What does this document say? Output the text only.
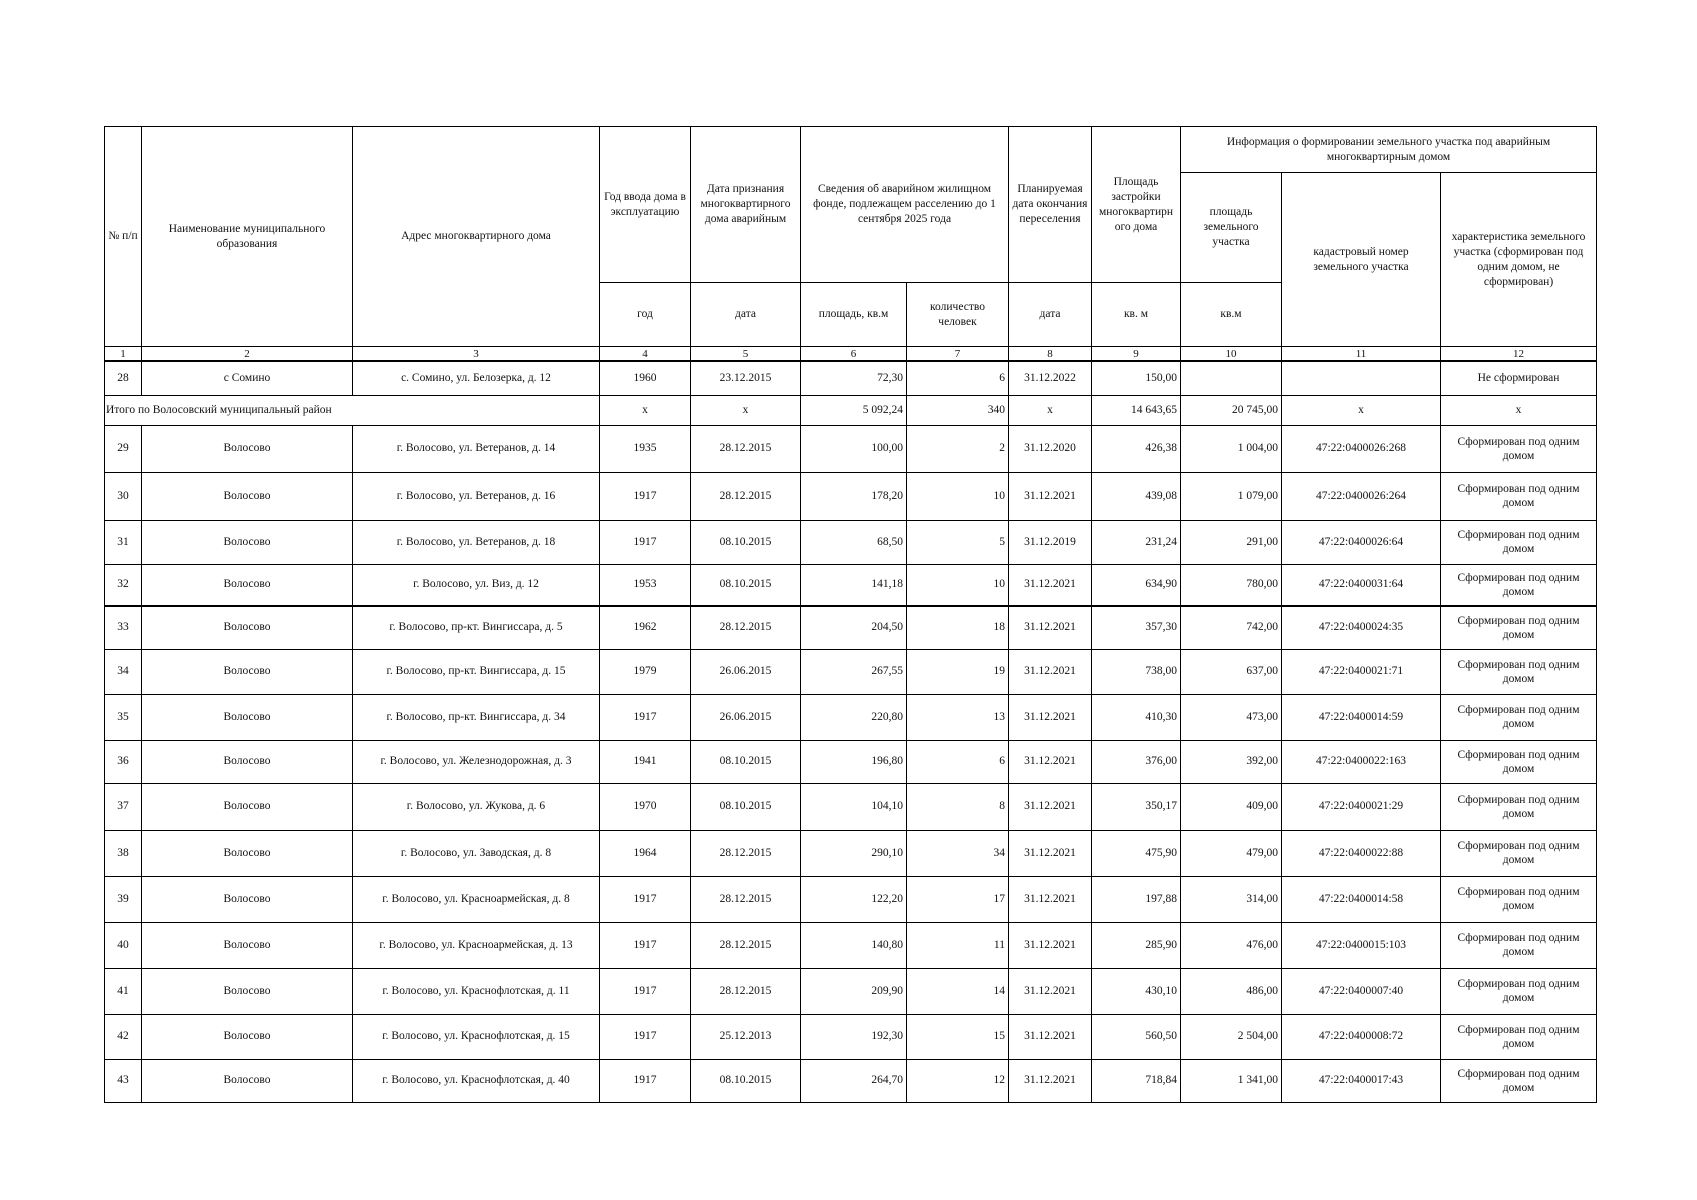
№ п/п	Наименование муниципального образования	Адрес многоквартирного дома	Год ввода дома в эксплуатацию	Дата признания многоквартирного дома аварийным	Сведения об аварийном жилищном фонде, подлежащем расселению до 1 сентября 2025 года		Планируемая дата окончания переселения	Площадь застройки многоквартирн ого дома	Информация о формировании земельного участка под аварийным многоквартирным домом		
									площадь земельного участка	кадастровый номер земельного участка	характеристика земельного участка (сформирован под одним домом, не сформирован)
			год	дата	площадь, кв.м	количество человек	дата	кв. м	кв.м		
1	2	3	4	5	6	7	8	9	10	11	12
28	с Сомино	с. Сомино, ул. Белозерка, д. 12	1960	23.12.2015	72,30	6	31.12.2022	150,00			Не сформирован
Итого по Волосовский муниципальный район			х	х	5 092,24	340	х	14 643,65	20 745,00	х	х
29	Волосово	г. Волосово, ул. Ветеранов, д. 14	1935	28.12.2015	100,00	2	31.12.2020	426,38	1 004,00	47:22:0400026:268	Сформирован под одним домом
30	Волосово	г. Волосово, ул. Ветеранов, д. 16	1917	28.12.2015	178,20	10	31.12.2021	439,08	1 079,00	47:22:0400026:264	Сформирован под одним домом
31	Волосово	г. Волосово, ул. Ветеранов, д. 18	1917	08.10.2015	68,50	5	31.12.2019	231,24	291,00	47:22:0400026:64	Сформирован под одним домом
32	Волосово	г. Волосово, ул. Виз, д. 12	1953	08.10.2015	141,18	10	31.12.2021	634,90	780,00	47:22:0400031:64	Сформирован под одним домом
33	Волосово	г. Волосово, пр-кт. Вингиссара, д. 5	1962	28.12.2015	204,50	18	31.12.2021	357,30	742,00	47:22:0400024:35	Сформирован под одним домом
34	Волосово	г. Волосово, пр-кт. Вингиссара, д. 15	1979	26.06.2015	267,55	19	31.12.2021	738,00	637,00	47:22:0400021:71	Сформирован под одним домом
35	Волосово	г. Волосово, пр-кт. Вингиссара, д. 34	1917	26.06.2015	220,80	13	31.12.2021	410,30	473,00	47:22:0400014:59	Сформирован под одним домом
36	Волосово	г. Волосово, ул. Железнодорожная, д. 3	1941	08.10.2015	196,80	6	31.12.2021	376,00	392,00	47:22:0400022:163	Сформирован под одним домом
37	Волосово	г. Волосово, ул. Жукова, д. 6	1970	08.10.2015	104,10	8	31.12.2021	350,17	409,00	47:22:0400021:29	Сформирован под одним домом
38	Волосово	г. Волосово, ул. Заводская, д. 8	1964	28.12.2015	290,10	34	31.12.2021	475,90	479,00	47:22:0400022:88	Сформирован под одним домом
39	Волосово	г. Волосово, ул. Красноармейская, д. 8	1917	28.12.2015	122,20	17	31.12.2021	197,88	314,00	47:22:0400014:58	Сформирован под одним домом
40	Волосово	г. Волосово, ул. Красноармейская, д. 13	1917	28.12.2015	140,80	11	31.12.2021	285,90	476,00	47:22:0400015:103	Сформирован под одним домом
41	Волосово	г. Волосово, ул. Краснофлотская, д. 11	1917	28.12.2015	209,90	14	31.12.2021	430,10	486,00	47:22:0400007:40	Сформирован под одним домом
42	Волосово	г. Волосово, ул. Краснофлотская, д. 15	1917	25.12.2013	192,30	15	31.12.2021	560,50	2 504,00	47:22:0400008:72	Сформирован под одним домом
43	Волосово	г. Волосово, ул. Краснофлотская, д. 40	1917	08.10.2015	264,70	12	31.12.2021	718,84	1 341,00	47:22:0400017:43	Сформирован под одним домом
